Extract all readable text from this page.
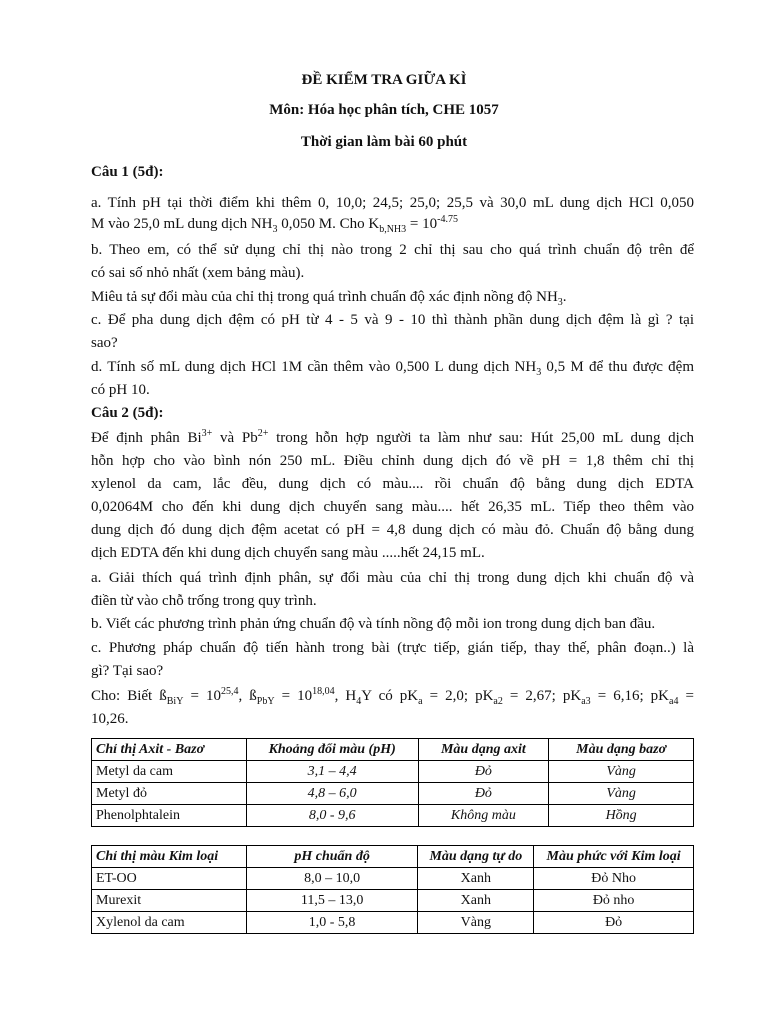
ĐỀ KIỂM TRA GIỮA KÌ
Môn: Hóa học phân tích, CHE 1057
Thời gian làm bài 60 phút
Câu 1 (5đ):
a. Tính pH tại thời điểm khi thêm 0, 10,0; 24,5; 25,0; 25,5 và 30,0 mL dung dịch HCl 0,050
M vào 25,0 mL dung dịch $NH_3$ 0,050 M. Cho $K_{b,NH3} = 10^{-4.75}$
b. Theo em, có thể sử dụng chỉ thị nào trong 2 chỉ thị sau cho quá trình chuẩn độ trên để
có sai số nhỏ nhất (xem bảng màu).
Miêu tả sự đổi màu của chỉ thị trong quá trình chuẩn độ xác định nồng độ $NH_3$.
c. Để pha dung dịch đệm có pH từ 4 - 5 và 9 - 10 thì thành phần dung dịch đệm là gì ? tại
sao?
d. Tính số mL dung dịch HCl 1M cần thêm vào 0,500 L dung dịch $NH_3$ 0,5 M để thu được đệm
có pH 10.
Câu 2 (5đ):
Để định phân $Bi^{3+}$ và $Pb^{2+}$ trong hỗn hợp người ta làm như sau: Hút 25,00 mL dung dịch
hỗn hợp cho vào bình nón 250 mL. Điều chỉnh dung dịch đó về pH = 1,8 thêm chỉ thị
xylenol da cam, lắc đều, dung dịch có màu.... rồi chuẩn độ bằng dung dịch EDTA
0,02064M cho đến khi dung dịch chuyển sang màu.... hết 26,35 mL. Tiếp theo thêm vào
dung dịch đó dung dịch đệm acetat có pH = 4,8 dung dịch có màu đỏ. Chuẩn độ bằng dung
dịch EDTA đến khi dung dịch chuyển sang màu .....hết 24,15 mL.
a. Giải thích quá trình định phân, sự đổi màu của chỉ thị trong dung dịch khi chuẩn độ và
điền từ vào chỗ trống trong quy trình.
b. Viết các phương trình phản ứng chuẩn độ và tính nồng độ mỗi ion trong dung dịch ban đầu.
c. Phương pháp chuẩn độ tiến hành trong bài (trực tiếp, gián tiếp, thay thế, phân đoạn..) là
gì? Tại sao?
Cho: Biết $ß_{BiY} = 10^{25,4}$, $ß_{PbY} = 10^{18,04}$, $H_4Y$ có $pK_a = 2,0$; $pK_{a2} = 2,67$; $pK_{a3} = 6,16$; $pK_{a4}$ =
10,26.
Chỉ thị Axit - Bazơ	Khoảng đổi màu (pH)	Màu dạng axit	Màu dạng bazơ
Metyl da cam	3,1 – 4,4	Đỏ	Vàng
Metyl đỏ	4,8 – 6,0	Đỏ	Vàng
Phenolphtalein	8,0 - 9,6	Không màu	Hồng
Chỉ thị màu Kim loại	pH chuẩn độ	Màu dạng tự do	Màu phức với Kim loại
ET-OO	8,0 – 10,0	Xanh	Đỏ Nho
Murexit	11,5 – 13,0	Xanh	Đỏ nho
Xylenol da cam	1,0 - 5,8	Vàng	Đỏ
